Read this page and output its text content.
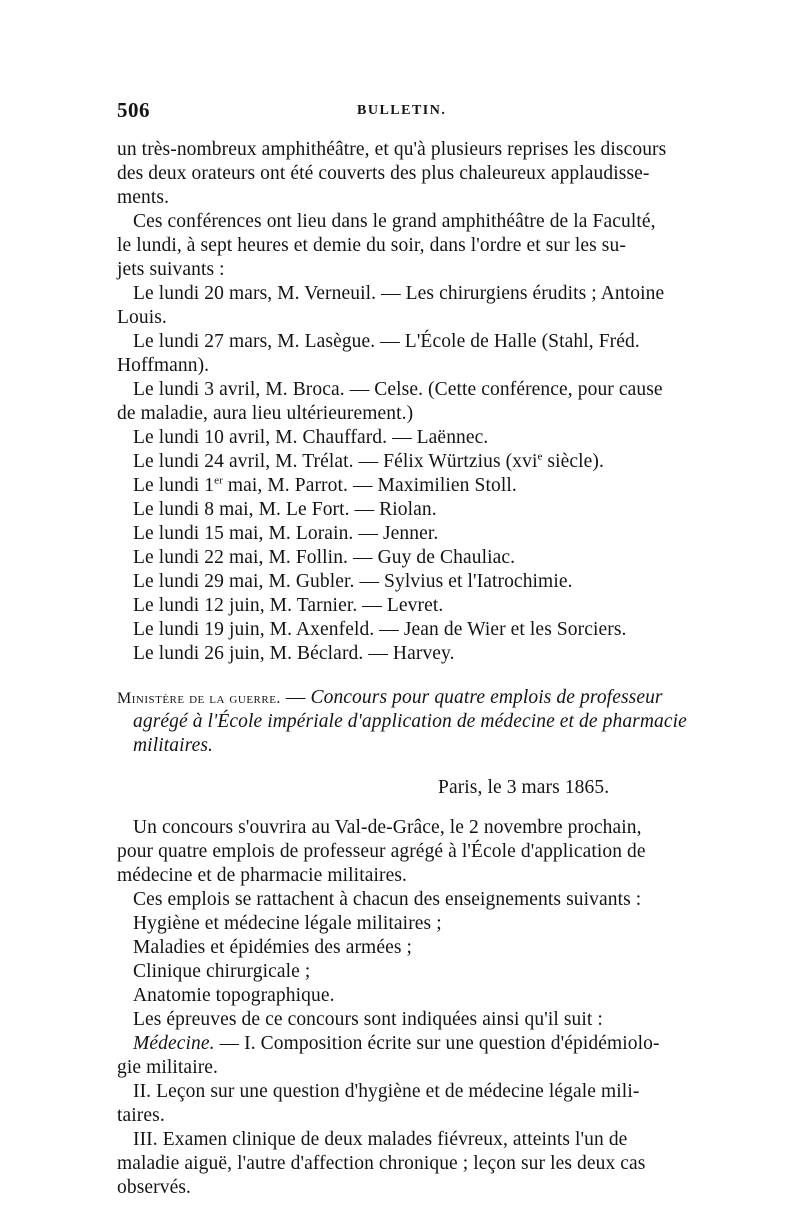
506	BULLETIN.
un très-nombreux amphithéâtre, et qu'à plusieurs reprises les discours
des deux orateurs ont été couverts des plus chaleureux applaudisse-
ments.
Ces conférences ont lieu dans le grand amphithéâtre de la Faculté,
le lundi, à sept heures et demie du soir, dans l'ordre et sur les su-
jets suivants :
Le lundi 20 mars, M. Verneuil. — Les chirurgiens érudits ; Antoine
Louis.
Le lundi 27 mars, M. Lasègue. — L'École de Halle (Stahl, Fréd.
Hoffmann).
Le lundi 3 avril, M. Broca. — Celse. (Cette conférence, pour cause
de maladie, aura lieu ultérieurement.)
Le lundi 10 avril, M. Chauffard. — Laënnec.
Le lundi 24 avril, M. Trélat. — Félix Würtzius (xvi$^e$ siècle).
Le lundi 1er mai, M. Parrot. — Maximilien Stoll.
Le lundi 8 mai, M. Le Fort. — Riolan.
Le lundi 15 mai, M. Lorain. — Jenner.
Le lundi 22 mai, M. Follin. — Guy de Chauliac.
Le lundi 29 mai, M. Gubler. — Sylvius et l'Iatrochimie.
Le lundi 12 juin, M. Tarnier. — Levret.
Le lundi 19 juin, M. Axenfeld. — Jean de Wier et les Sorciers.
Le lundi 26 juin, M. Béclard. — Harvey.
Ministère de la guerre. — Concours pour quatre emplois de professeur
agrégé à l'École impériale d'application de médecine et de pharmacie
militaires.
Paris, le 3 mars 1865.
Un concours s'ouvrira au Val-de-Grâce, le 2 novembre prochain,
pour quatre emplois de professeur agrégé à l'École d'application de
médecine et de pharmacie militaires.
Ces emplois se rattachent à chacun des enseignements suivants :
Hygiène et médecine légale militaires ;
Maladies et épidémies des armées ;
Clinique chirurgicale ;
Anatomie topographique.
Les épreuves de ce concours sont indiquées ainsi qu'il suit :
Médecine. — I. Composition écrite sur une question d'épidémiolo-
gie militaire.
II. Leçon sur une question d'hygiène et de médecine légale mili-
taires.
III. Examen clinique de deux malades fiévreux, atteints l'un de
maladie aiguë, l'autre d'affection chronique ; leçon sur les deux cas
observés.
